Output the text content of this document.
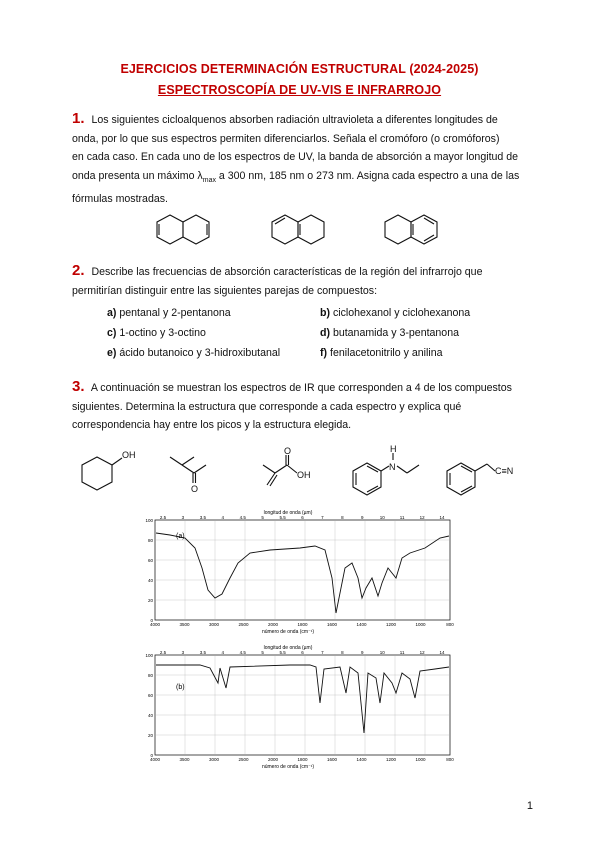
EJERCICIOS DETERMINACIÓN ESTRUCTURAL (2024-2025)
ESPECTROSCOPÍA DE UV-VIS E INFRARROJO
1. Los siguientes cicloalquenos absorben radiación ultravioleta a diferentes longitudes de
onda, por lo que sus espectros permiten diferenciarlos. Señala el cromóforo (o cromóforos)
en cada caso. En cada uno de los espectros de UV, la banda de absorción a mayor longitud de
onda presenta un máximo $\lambda_{max}$ a 300 nm, 185 nm o 273 nm. Asigna cada espectro a una de las
fórmulas mostradas.
2. Describe las frecuencias de absorción características de la región del infrarrojo que
permitirían distinguir entre las siguientes parejas de compuestos:
a) pentanal y 2-pentanona	b) ciclohexanol y ciclohexanona
c) 1-octino y 3-octino	d) butanamida y 3-pentanona
e) ácido butanoico y 3-hidroxibutanal	f) fenilacetonitrilo y anilina
3. A continuación se muestran los espectros de IR que corresponden a 4 de los compuestos
siguientes. Determina la estructura que corresponde a cada espectro y explica qué
correspondencia hay entre los picos y la estructura elegida.
OH
O
O
OH
H
N	C≡N
(a)
longitud de onda (µm)
número de onda (cm⁻¹)
2.5	3	3.5	4	4.5	5	5.5	6	7	8	9	10	11	12	14
4000	3500	3000	2500	2000	1800	1600	1400	1200	1000	800
100
80
60
40
20
0
(b)
longitud de onda (µm)
número de onda (cm⁻¹)
2.5	3	3.5	4	4.5	5	5.5	6	7	8	9	10	11	12	14
4000	3500	3000	2500	2000	1800	1600	1400	1200	1000	800
100
80
60
40
20
0
1
